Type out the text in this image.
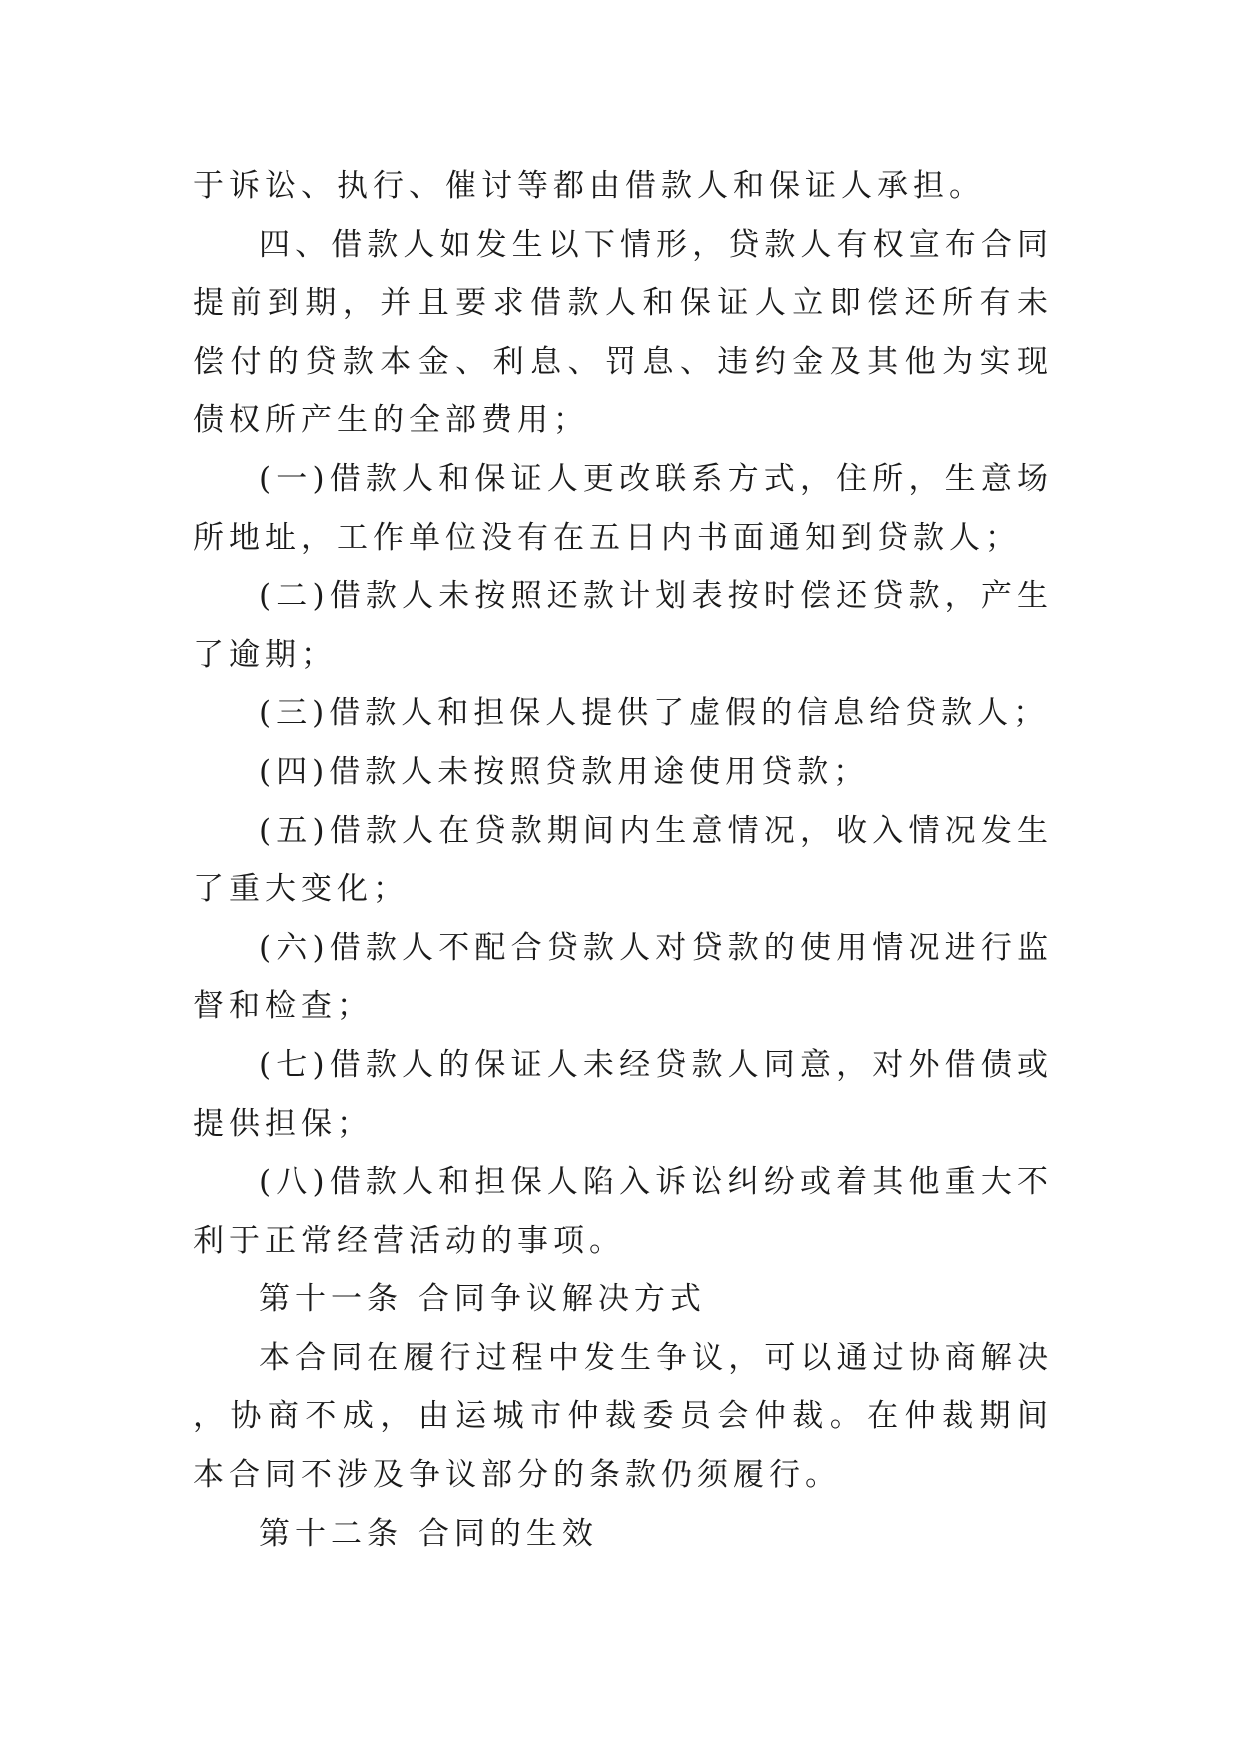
于诉讼、执行、催讨等都由借款人和保证人承担。

四、借款人如发生以下情形，贷款人有权宣布合同提前到期，并且要求借款人和保证人立即偿还所有未偿付的贷款本金、利息、罚息、违约金及其他为实现债权所产生的全部费用；

(一)借款人和保证人更改联系方式，住所，生意场所地址，工作单位没有在五日内书面通知到贷款人；

(二)借款人未按照还款计划表按时偿还贷款，产生了逾期；

(三)借款人和担保人提供了虚假的信息给贷款人；

(四)借款人未按照贷款用途使用贷款；

(五)借款人在贷款期间内生意情况，收入情况发生了重大变化；

(六)借款人不配合贷款人对贷款的使用情况进行监督和检查；

(七)借款人的保证人未经贷款人同意，对外借债或提供担保；

(八)借款人和担保人陷入诉讼纠纷或着其他重大不利于正常经营活动的事项。

第十一条 合同争议解决方式

本合同在履行过程中发生争议，可以通过协商解决，协商不成，由运城市仲裁委员会仲裁。在仲裁期间本合同不涉及争议部分的条款仍须履行。

第十二条 合同的生效
